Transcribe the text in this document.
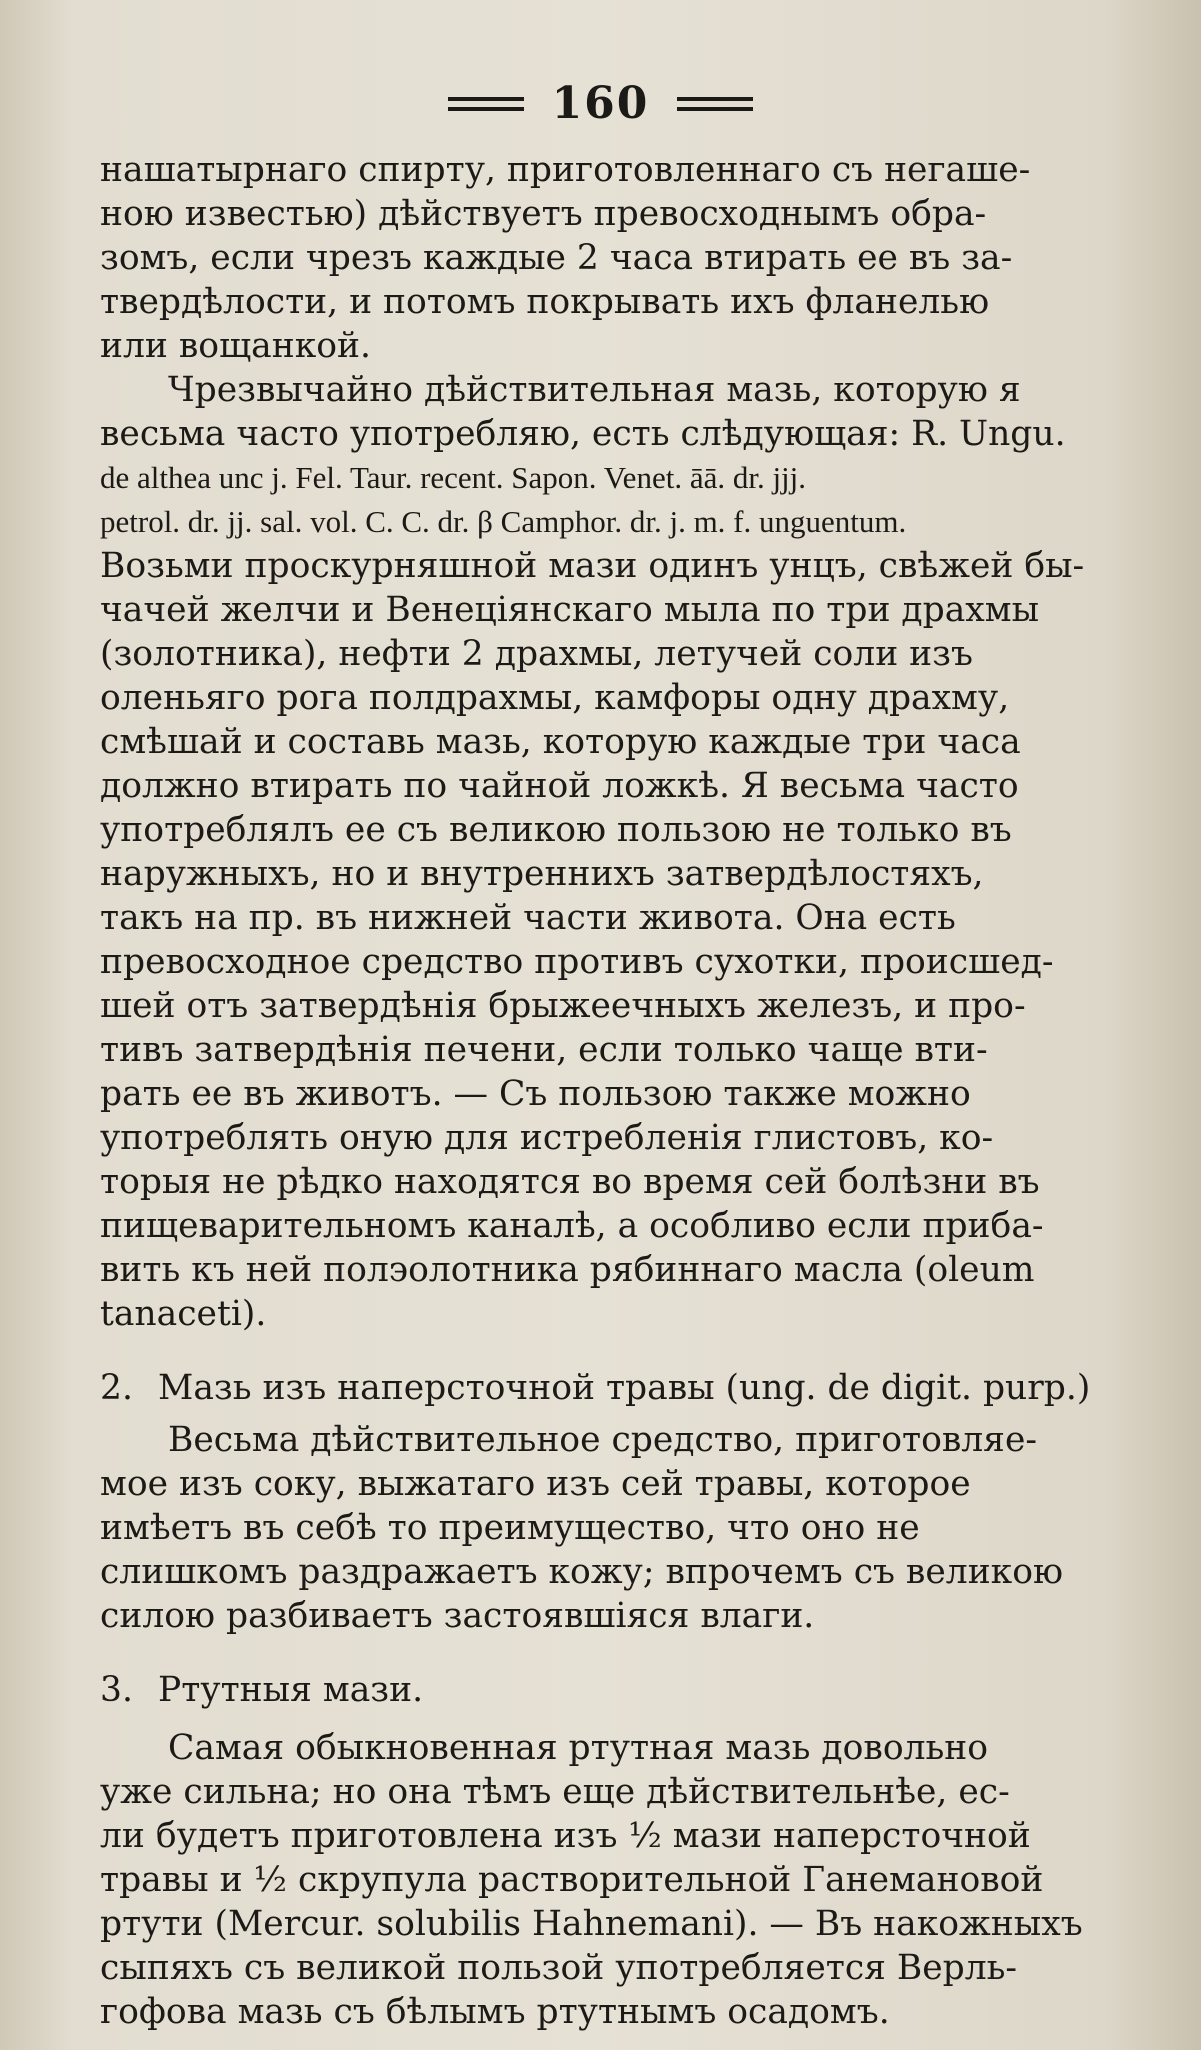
160
нашатырнаго спирту, приготовленнаго съ негаше-
ною известью) дѣйствуетъ превосходнымъ обра-
зомъ, если чрезъ каждые 2 часа втирать ее въ за-
твердѣлости, и потомъ покрывать ихъ фланелью
или вощанкой.
Чрезвычайно дѣйствительная мазь, которую я
весьма часто употребляю, есть слѣдующая: R. Ungu.
de althea unc j. Fel. Taur. recent. Sapon. Venet. āā. dr. jjj.
petrol. dr. jj. sal. vol. C. C. dr. β Camphor. dr. j. m. f. unguentum.
Возьми проскурняшной мази одинъ унцъ, свѣжей бы-
чачей желчи и Венеціянскаго мыла по три драхмы
(золотника), нефти 2 драхмы, летучей соли изъ
оленьяго рога полдрахмы, камфоры одну драхму,
смѣшай и составь мазь, которую каждые три часа
должно втирать по чайной ложкѣ. Я весьма часто
употреблялъ ее съ великою пользою не только въ
наружныхъ, но и внутреннихъ затвердѣлостяхъ,
такъ на пр. въ нижней части живота. Она есть
превосходное средство противъ сухотки, происшед-
шей отъ затвердѣнія брыжеечныхъ железъ, и про-
тивъ затвердѣнія печени, если только чаще вти-
рать ее въ животъ. — Съ пользою также можно
употреблять оную для истребленія глистовъ, ко-
торыя не рѣдко находятся во время сей болѣзни въ
пищеварительномъ каналѣ, а особливо если приба-
вить къ ней полэолотника рябиннаго масла (oleum
tanaceti).
2. Мазь изъ наперсточной травы (ung. de digit. purp.)
Весьма дѣйствительное средство, приготовляе-
мое изъ соку, выжатаго изъ сей травы, которое
имѣетъ въ себѣ то преимущество, что оно не
слишкомъ раздражаетъ кожу; впрочемъ съ великою
силою разбиваетъ застоявшіяся влаги.
3. Ртутныя мази.
Самая обыкновенная ртутная мазь довольно
уже сильна; но она тѣмъ еще дѣйствительнѣе, ес-
ли будетъ приготовлена изъ ½ мази наперсточной
травы и ½ скрупула растворительной Ганемановой
ртути (Mercur. solubilis Hahnemani). — Въ накожныхъ
сыпяхъ съ великой пользой употребляется Верль-
гофова мазь съ бѣлымъ ртутнымъ осадомъ.
